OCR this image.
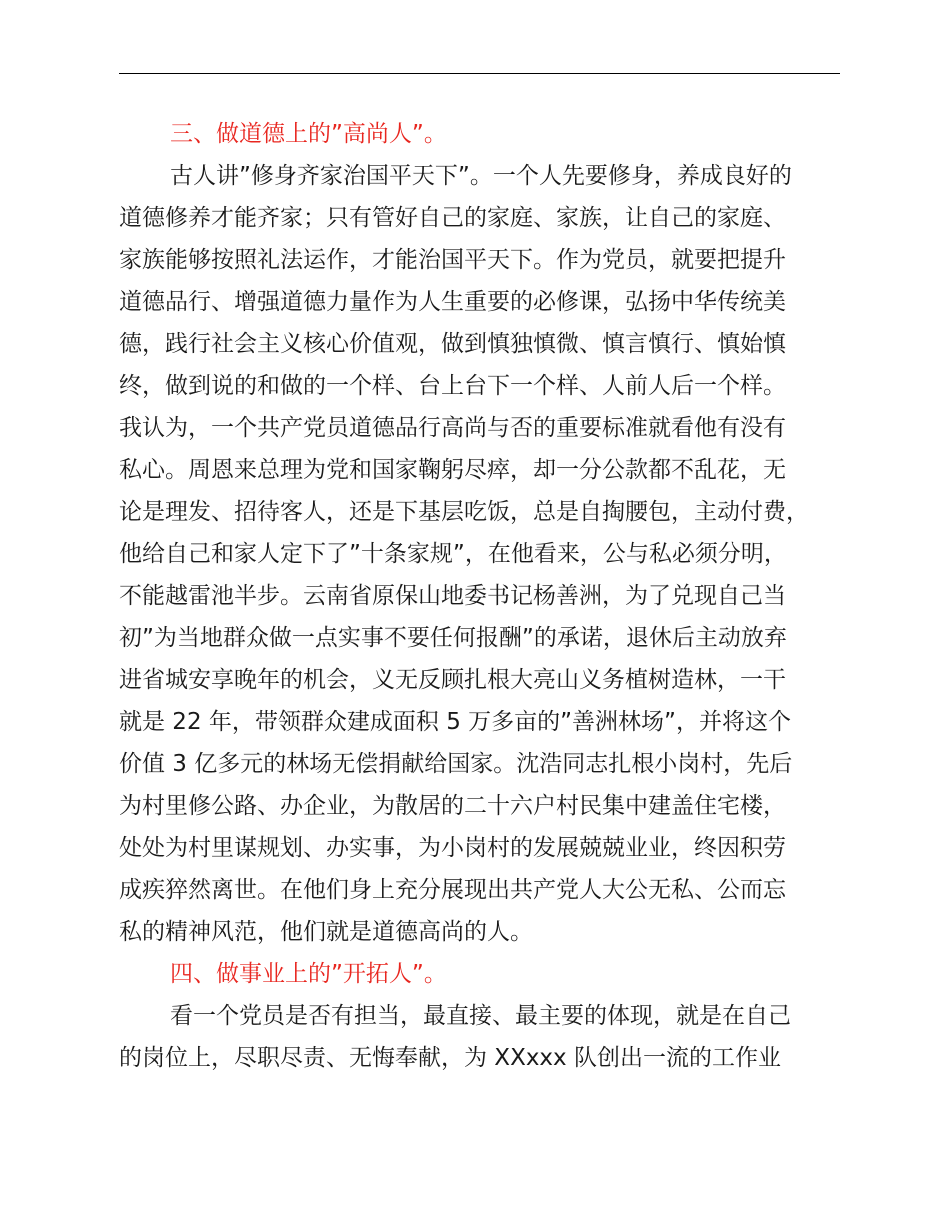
三、做道德上的”高尚人”。
古人讲”修身齐家治国平天下”。一个人先要修身，养成良好的
道德修养才能齐家；只有管好自己的家庭、家族，让自己的家庭、
家族能够按照礼法运作，才能治国平天下。作为党员，就要把提升
道德品行、增强道德力量作为人生重要的必修课，弘扬中华传统美
德，践行社会主义核心价值观，做到慎独慎微、慎言慎行、慎始慎
终，做到说的和做的一个样、台上台下一个样、人前人后一个样。
我认为，一个共产党员道德品行高尚与否的重要标准就看他有没有
私心。周恩来总理为党和国家鞠躬尽瘁，却一分公款都不乱花，无
论是理发、招待客人，还是下基层吃饭，总是自掏腰包，主动付费，
他给自己和家人定下了”十条家规”，在他看来，公与私必须分明，
不能越雷池半步。云南省原保山地委书记杨善洲，为了兑现自己当
初”为当地群众做一点实事不要任何报酬”的承诺，退休后主动放弃
进省城安享晚年的机会，义无反顾扎根大亮山义务植树造林，一干
就是 22 年，带领群众建成面积 5 万多亩的”善洲林场”，并将这个
价值 3 亿多元的林场无偿捐献给国家。沈浩同志扎根小岗村，先后
为村里修公路、办企业，为散居的二十六户村民集中建盖住宅楼，
处处为村里谋规划、办实事，为小岗村的发展兢兢业业，终因积劳
成疾猝然离世。在他们身上充分展现出共产党人大公无私、公而忘
私的精神风范，他们就是道德高尚的人。
四、做事业上的”开拓人”。
看一个党员是否有担当，最直接、最主要的体现，就是在自己
的岗位上，尽职尽责、无悔奉献，为 XXxxx 队创出一流的工作业
